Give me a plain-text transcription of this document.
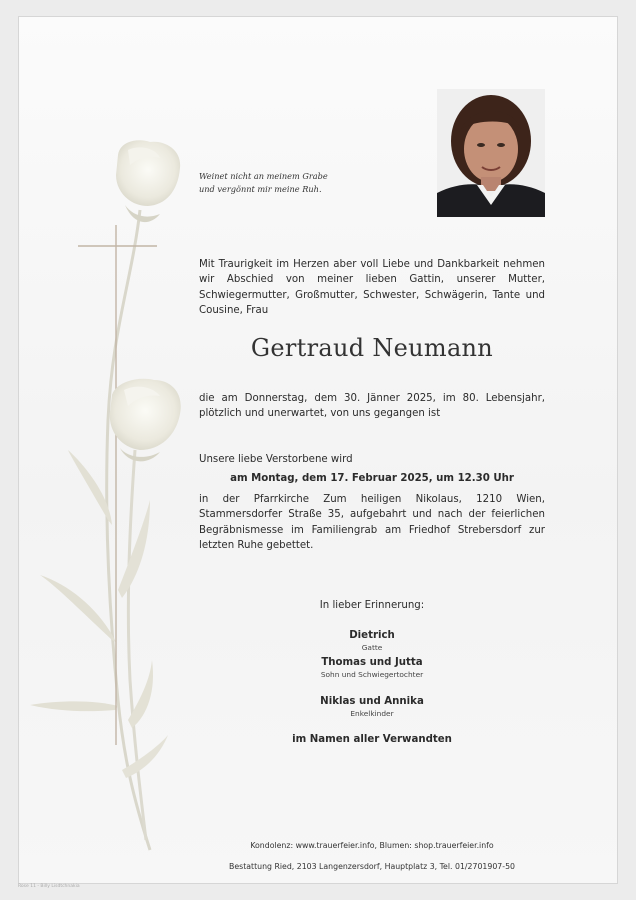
Weinet nicht an meinem Grabe
und vergönnt mir meine Ruh.
Mit Traurigkeit im Herzen aber voll Liebe und Dankbarkeit nehmen wir Abschied von meiner lieben Gattin, unserer Mutter, Schwiegermutter, Großmutter, Schwester, Schwägerin, Tante und Cousine, Frau
Gertraud Neumann
die am Donnerstag, dem 30. Jänner 2025, im 80. Lebensjahr, plötzlich und unerwartet, von uns gegangen ist
Unsere liebe Verstorbene wird
am Montag, dem 17. Februar 2025, um 12.30 Uhr
in der Pfarrkirche Zum heiligen Nikolaus, 1210 Wien, Stammersdorfer Straße 35, aufgebahrt und nach der feierlichen Begräbnismesse im Familiengrab am Friedhof Strebersdorf zur letzten Ruhe gebettet.
In lieber Erinnerung:
Dietrich
Gatte
Thomas und Jutta
Sohn und Schwiegertochter
Niklas und Annika
Enkelkinder
im Namen aller Verwandten
Kondolenz: www.trauerfeier.info, Blumen: shop.trauerfeier.info
Bestattung Ried, 2103 Langenzersdorf, Hauptplatz 3, Tel. 01/2701907-50
Rose 11 - Billy Lisdtchnakia
